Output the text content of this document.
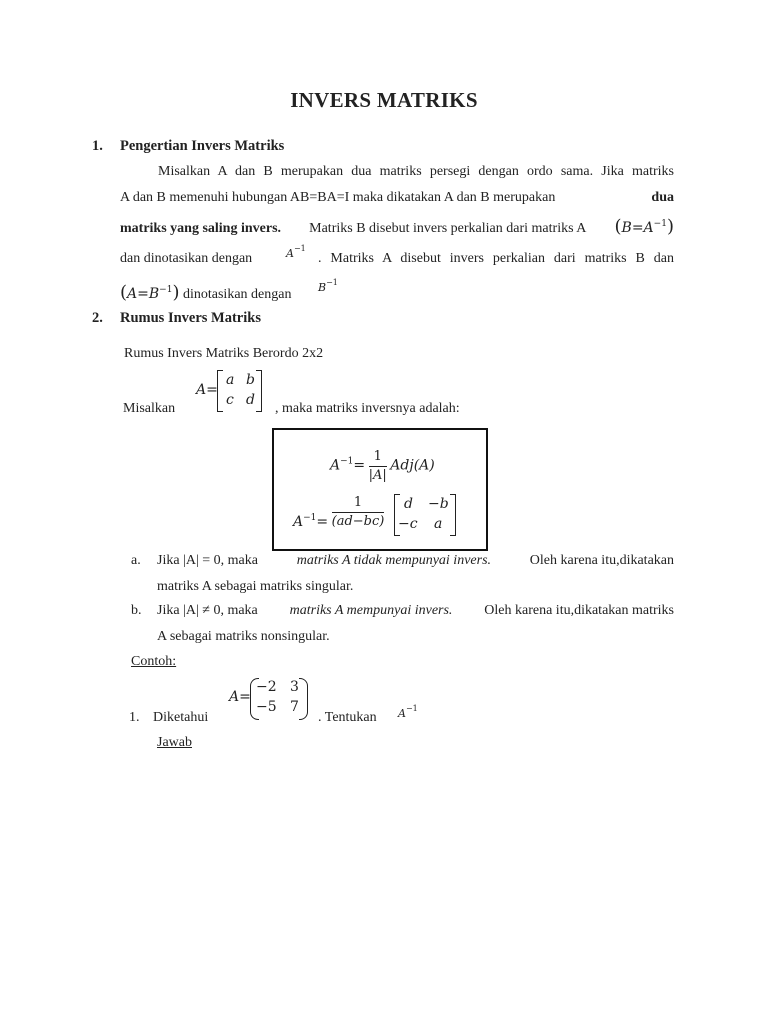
INVERS MATRIKS
1. Pengertian Invers Matriks
Misalkan A dan B merupakan dua matriks persegi dengan ordo sama. Jika matriks
A dan B memenuhi hubungan AB=BA=I maka dikatakan A dan B merupakan	dua
matriks yang saling invers. Matriks B disebut invers perkalian dari matriks A $(B=A^{-1})$
dan dinotasikan dengan	$A^{-1}$
. Matriks A disebut invers perkalian dari matriks B dan
$(A=B^{-1})$ dinotasikan dengan $B^{-1}$
2. Rumus Invers Matriks
Rumus Invers Matriks Berordo 2x2
Misalkan
A=
a b
c d
, maka matriks inversnya adalah:
$A^{-1}= \frac{1}{|A|} Adj(A)$
$A_{-1}= \frac{1}{(ad-bc)}$ d −b
−c a
a. Jika |A| = 0, maka	matriks A tidak mempunyai invers.	Oleh karena itu,dikatakan
matriks A sebagai matriks singular.
b. Jika |A| ≠ 0, maka matriks A mempunyai invers. Oleh karena itu,dikatakan matriks
A sebagai matriks nonsingular.
Contoh:
1. Diketahui
A=
−2 3
−5 7
. Tentukan $A^{-1}$
Jawab
